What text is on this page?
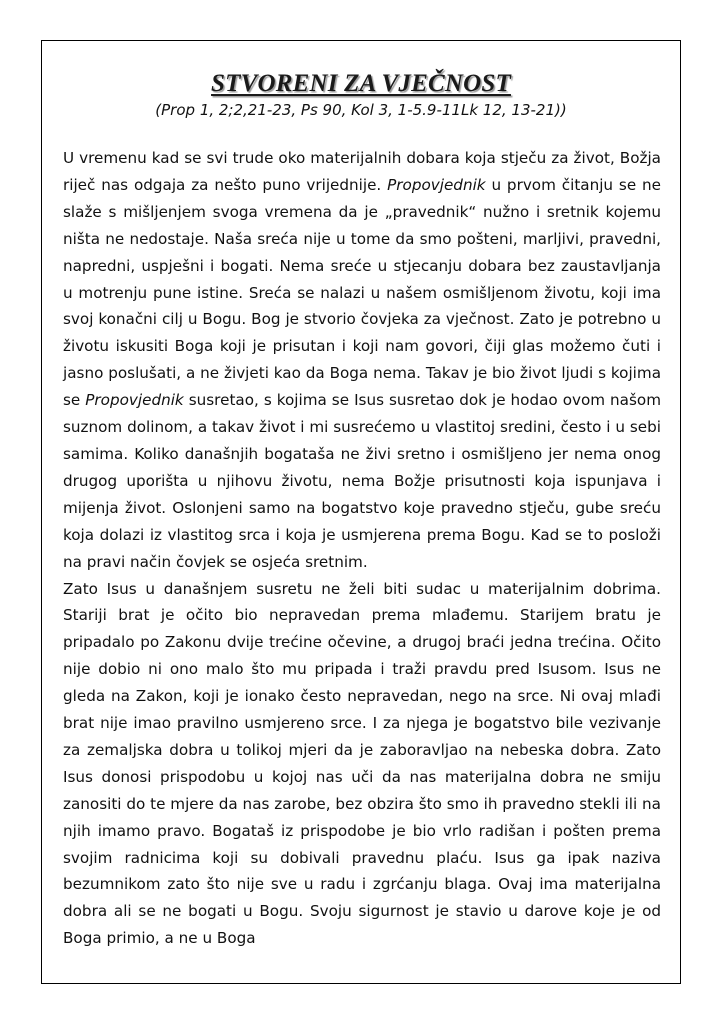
STVORENI ZA VJEČNOST
(Prop 1, 2;2,21-23, Ps 90, Kol 3, 1-5.9-11Lk 12, 13-21))

U vremenu kad se svi trude oko materijalnih dobara koja stječu za život, Božja riječ nas odgaja za nešto puno vrijednije. Propovjednik u prvom čitanju se ne slaže s mišljenjem svoga vremena da je „pravednik“ nužno i sretnik kojemu ništa ne nedostaje. Naša sreća nije u tome da smo pošteni, marljivi, pravedni, napredni, uspješni i bogati. Nema sreće u stjecanju dobara bez zaustavljanja u motrenju pune istine. Sreća se nalazi u našem osmišljenom životu, koji ima svoj konačni cilj u Bogu. Bog je stvorio čovjeka za vječnost. Zato je potrebno u životu iskusiti Boga koji je prisutan i koji nam govori, čiji glas možemo čuti i jasno poslušati, a ne živjeti kao da Boga nema. Takav je bio život ljudi s kojima se Propovjednik susretao, s kojima se Isus susretao dok je hodao ovom našom suznom dolinom, a takav život i mi susrećemo u vlastitoj sredini, često i u sebi samima. Koliko današnjih bogataša ne živi sretno i osmišljeno jer nema onog drugog uporišta u njihovu životu, nema Božje prisutnosti koja ispunjava i mijenja život. Oslonjeni samo na bogatstvo koje pravedno stječu, gube sreću koja dolazi iz vlastitog srca i koja je usmjerena prema Bogu. Kad se to posloži na pravi način čovjek se osjeća sretnim.

Zato Isus u današnjem susretu ne želi biti sudac u materijalnim dobrima. Stariji brat je očito bio nepravedan prema mlađemu. Starijem bratu je pripadalo po Zakonu dvije trećine očevine, a drugoj braći jedna trećina. Očito nije dobio ni ono malo što mu pripada i traži pravdu pred Isusom. Isus ne gleda na Zakon, koji je ionako često nepravedan, nego na srce. Ni ovaj mlađi brat nije imao pravilno usmjereno srce. I za njega je bogatstvo bile vezivanje za zemaljska dobra u tolikoj mjeri da je zaboravljao na nebeska dobra. Zato Isus donosi prispodobu u kojoj nas uči da nas materijalna dobra ne smiju zanositi do te mjere da nas zarobe, bez obzira što smo ih pravedno stekli ili na njih imamo pravo. Bogataš iz prispodobe je bio vrlo radišan i pošten prema svojim radnicima koji su dobivali pravednu plaću. Isus ga ipak naziva bezumnikom zato što nije sve u radu i zgrćanju blaga. Ovaj ima materijalna dobra ali se ne bogati u Bogu. Svoju sigurnost je stavio u darove koje je od Boga primio, a ne u Boga
